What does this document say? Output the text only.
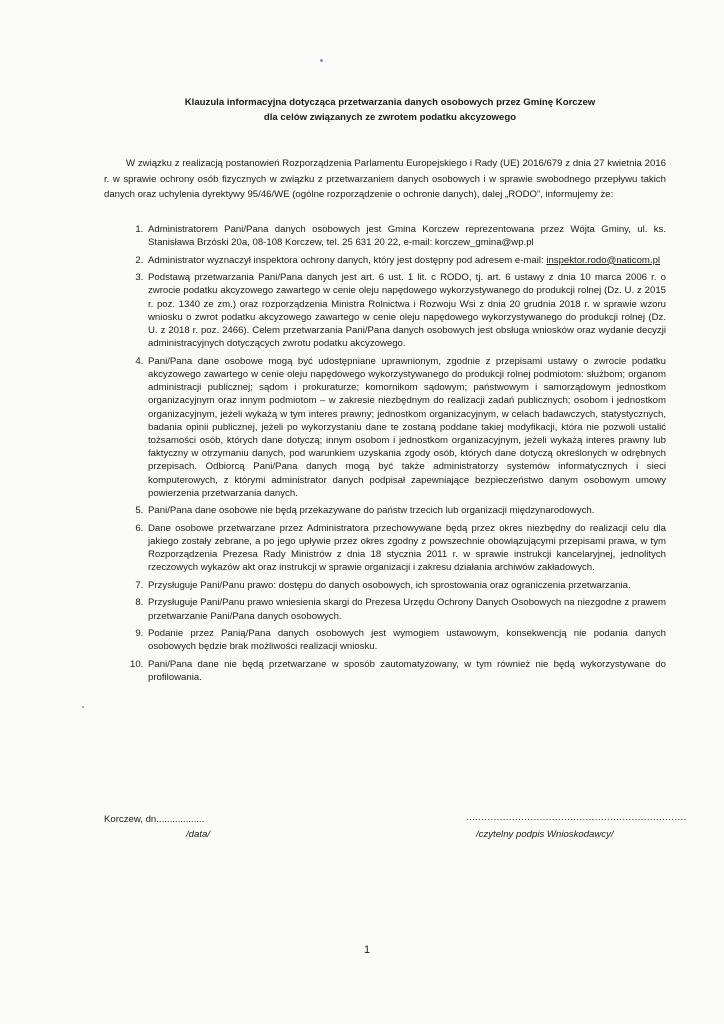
Klauzula informacyjna dotycząca przetwarzania danych osobowych przez Gminę Korczew
dla celów związanych ze zwrotem podatku akcyzowego

W związku z realizacją postanowień Rozporządzenia Parlamentu Europejskiego i Rady (UE) 2016/679 z dnia 27 kwietnia 2016 r. w sprawie ochrony osób fizycznych w związku z przetwarzaniem danych osobowych i w sprawie swobodnego przepływu takich danych oraz uchylenia dyrektywy 95/46/WE (ogólne rozporządzenie o ochronie danych), dalej „RODO”, informujemy że:

1. Administratorem Pani/Pana danych osobowych jest Gmina Korczew reprezentowana przez Wójta Gminy, ul. ks. Stanisława Brzóski 20a, 08-108 Korczew, tel. 25 631 20 22, e-mail: korczew_gmina@wp.pl
2. Administrator wyznaczył inspektora ochrony danych, który jest dostępny pod adresem e-mail: inspektor.rodo@naticom.pl
3. Podstawą przetwarzania Pani/Pana danych jest art. 6 ust. 1 lit. c RODO, tj. art. 6 ustawy z dnia 10 marca 2006 r. o zwrocie podatku akcyzowego zawartego w cenie oleju napędowego wykorzystywanego do produkcji rolnej (Dz. U. z 2015 r. poz. 1340 ze zm.) oraz rozporządzenia Ministra Rolnictwa i Rozwoju Wsi z dnia 20 grudnia 2018 r. w sprawie wzoru wniosku o zwrot podatku akcyzowego zawartego w cenie oleju napędowego wykorzystywanego do produkcji rolnej (Dz. U. z 2018 r. poz. 2466). Celem przetwarzania Pani/Pana danych osobowych jest obsługa wniosków oraz wydanie decyzji administracyjnych dotyczących zwrotu podatku akcyzowego.
4. Pani/Pana dane osobowe mogą być udostępniane uprawnionym, zgodnie z przepisami ustawy o zwrocie podatku akcyzowego zawartego w cenie oleju napędowego wykorzystywanego do produkcji rolnej podmiotom: służbom; organom administracji publicznej; sądom i prokuraturze; komornikom sądowym; państwowym i samorządowym jednostkom organizacyjnym oraz innym podmiotom – w zakresie niezbędnym do realizacji zadań publicznych; osobom i jednostkom organizacyjnym, jeżeli wykażą w tym interes prawny; jednostkom organizacyjnym, w celach badawczych, statystycznych, badania opinii publicznej, jeżeli po wykorzystaniu dane te zostaną poddane takiej modyfikacji, która nie pozwoli ustalić tożsamości osób, których dane dotyczą; innym osobom i jednostkom organizacyjnym, jeżeli wykażą interes prawny lub faktyczny w otrzymaniu danych, pod warunkiem uzyskania zgody osób, których dane dotyczą określonych w odrębnych przepisach. Odbiorcą Pani/Pana danych mogą być także administratorzy systemów informatycznych i sieci komputerowych, z którymi administrator danych podpisał zapewniające bezpieczeństwo danym osobowym umowy powierzenia przetwarzania danych.
5. Pani/Pana dane osobowe nie będą przekazywane do państw trzecich lub organizacji międzynarodowych.
6. Dane osobowe przetwarzane przez Administratora przechowywane będą przez okres niezbędny do realizacji celu dla jakiego zostały zebrane, a po jego upływie przez okres zgodny z powszechnie obowiązującymi przepisami prawa, w tym Rozporządzenia Prezesa Rady Ministrów z dnia 18 stycznia 2011 r. w sprawie instrukcji kancelaryjnej, jednolitych rzeczowych wykazów akt oraz instrukcji w sprawie organizacji i zakresu działania archiwów zakładowych.
7. Przysługuje Pani/Panu prawo: dostępu do danych osobowych, ich sprostowania oraz ograniczenia przetwarzania.
8. Przysługuje Pani/Panu prawo wniesienia skargi do Prezesa Urzędu Ochrony Danych Osobowych na niezgodne z prawem przetwarzanie Pani/Pana danych osobowych.
9. Podanie przez Panią/Pana danych osobowych jest wymogiem ustawowym, konsekwencją nie podania danych osobowych będzie brak możliwości realizacji wniosku.
10. Pani/Pana dane nie będą przetwarzane w sposób zautomatyzowany, w tym również nie będą wykorzystywane do profilowania.
Korczew, dn..................
/data/
........................................................................
/czytelny podpis Wnioskodawcy/
1
